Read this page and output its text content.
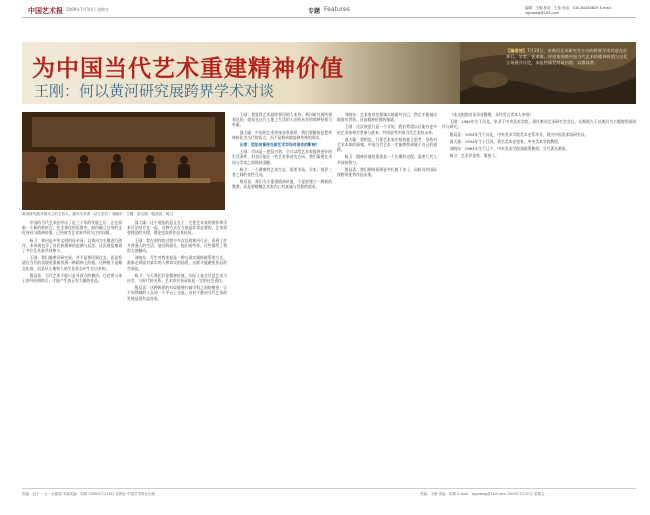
中国艺术报 2009年7月10日 星期五	专题 Features	编辑：王刚 校对：王桂 电话：010-84280829 E-mail：zgysbwg@163.com
为中国当代艺术重建精神价值
王刚：何以黄河研究展跨界学术对谈
【编者按】7月10日，由黄河艺术研究会主办的跨界学术对谈在京举行。学者、艺术家、评论家围绕中国当代艺术的精神价值与文化立场展开讨论，本报特摘发对谈内容，以飨读者。
黄河研究展开幕式上的主持人、嘉宾与学者（从左至右）刘晓东、王刚、邵大箴、殷双喜、杨卫

中国的当代艺术在经历了近三十年的发展之后，正在面临一个新的转折点。在全球化的语境中，如何确立自身的文化身份与精神价值，已经成为艺术界共同关注的问题。

杨卫：黄河是中华文明的母亲河，以黄河为主题进行创作，本身就包含了对民族精神的追溯与反思。这次展览邀请了多位艺术家共同参与。

王刚：我们做黄河研究展，并不是要回到过去，而是希望在当代的语境里重新找到一种精神上的根。这种根不是概念化的，而是从土地和人的生存状态中生长出来的。

殷双喜：当代艺术不能只是对西方的模仿，它必须与本土的经验相结合，才能产生真正有力量的作品。

邵大箴：这个展览的意义在于，它把艺术家的创作和学术讨论结合在一起，这种方式在当前是非常必要的。艺术需要理论的支撑，理论也需要作品来检验。

王刚：我在创作的过程中多次沿着黄河行走，看到了许多普通人的生活。他们的面孔、他们的劳作，这些都给了我很大的触动。

刘晓东：写生对我来说是一种与现实保持联系的方式。画家必须面对真实的人和真实的场景，这样才能避免作品的空洞化。

杨卫：今天我们讨论精神价值，实际上是在讨论艺术与社会、与时代的关系。艺术家应该承担起一定的社会责任。

殷双喜：这种跨界的对谈能够打破学科之间的壁垒，让不同领域的人在同一个平台上交流，这对于推动当代艺术的发展是很有益处的。

王刚：我觉得艺术最终要回到人本身。黄河研究展所要表达的，就是在这片土地上生活的人们所具有的那种坚韧与朴素。

邵大箴：中国的艺术传统非常深厚，我们要做的是把传统转化为当代的语言，而不是简单地复制传统的形式。

记者：您如何看待当前艺术市场对创作的影响？

王刚：市场是一把双刃剑，它可以给艺术家提供更好的生活条件，但也可能让一些艺术家迷失方向。我们需要在市场与学术之间保持清醒。

杨卫：一个健康的艺术生态，需要市场、学术、批评三者之间的良性互动。

殷双喜：我们今天重建精神价值，不是要建立一种新的教条，而是要唤醒艺术家内心对真诚与信仰的追求。

刘晓东：艺术家首先要诚实地面对自己，然后才能诚实地面对世界。这是精神价值的基础。

王刚：这次展览只是一个开始，我们希望以后能有更多的艺术家和学者参与进来，共同思考中国当代艺术的未来。

邵大箴：我相信，只要艺术家们坚持独立思考，坚持对艺术本体的探索，中国当代艺术一定能够找到属于自己的道路。

杨卫：精神价值的重建是一个长期的过程，需要几代人共同的努力。

殷双喜：我们期待看到更多扎根于本土、同时具有国际视野的优秀作品出现。

（本文根据对谈录音整理，未经发言者本人审阅）

王刚：1964年生于河北，毕业于中央美术学院，现任黄河艺术研究会会长，长期致力于以黄河为主题的绘画创作与研究。

殷双喜：1954年生于河北，中央美术学院美术史系毕业，现为中国美术馆研究员。

邵大箴：1934年生于江苏，著名美术史论家，中央美术学院教授。

刘晓东：1963年生于辽宁，中央美术学院油画系教授，当代著名画家。

杨卫：艺术评论家、策展人。

责编：赵宁 一头一头插图 本版美编：郭姝 2009年7月10日 星期五 中国艺术报社出版	责编：王刚 美编：郭姝 E-mail：zgysbwg@163.com 2009年7月10日 星期五
